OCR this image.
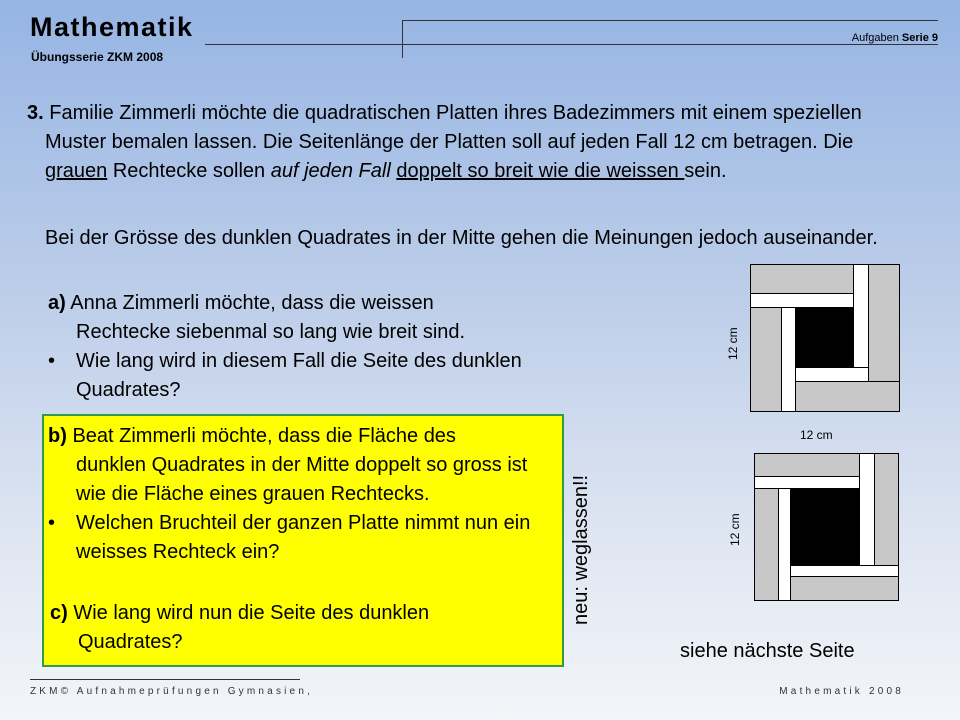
Mathematik
Übungsserie ZKM 2008
Aufgaben Serie 9
3. Familie Zimmerli möchte die quadratischen Platten ihres Badezimmers mit einem speziellen Muster bemalen lassen. Die Seitenlänge der Platten soll auf jeden Fall 12 cm betragen. Die grauen Rechtecke sollen auf jeden Fall doppelt so breit wie die weissen sein.
Bei der Grösse des dunklen Quadrates in der Mitte gehen die Meinungen jedoch auseinander.
a) Anna Zimmerli möchte, dass die weissen
Rechtecke siebenmal so lang wie breit sind.
•	Wie lang wird in diesem Fall die Seite des dunklen Quadrates?
b) Beat Zimmerli möchte, dass die Fläche des
dunklen Quadrates in der Mitte doppelt so gross ist wie die Fläche eines grauen Rechtecks.
•	Welchen Bruchteil der ganzen Platte nimmt nun ein weisses Rechteck ein?
c) Wie lang wird nun die Seite des dunklen
Quadrates?
neu: weglassen!!
12 cm
12 cm
12 cm
siehe nächste Seite
ZKM© Aufnahmeprüfungen Gymnasien,	Mathematik 2008
